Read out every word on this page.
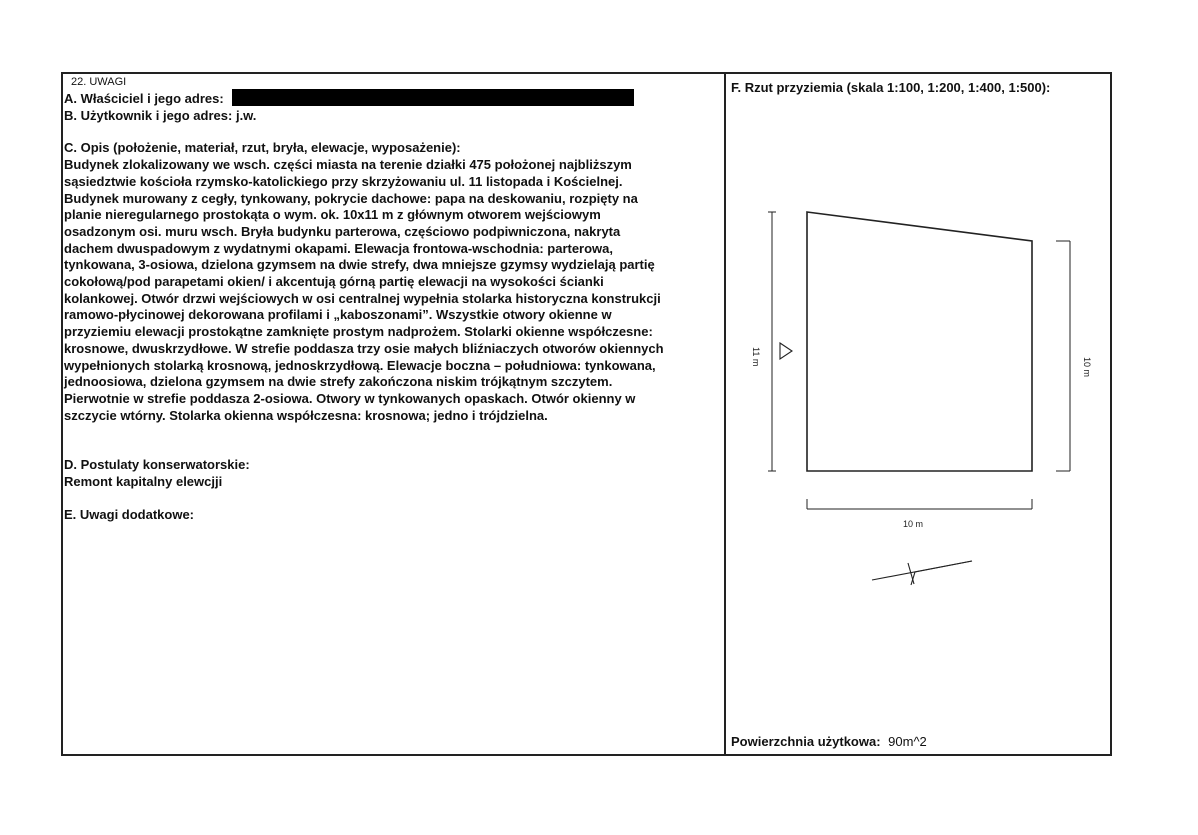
22. UWAGI
A. Właściciel i jego adres:
B. Użytkownik i jego adres: j.w.
C. Opis (położenie, materiał, rzut, bryła, elewacje, wyposażenie):
Budynek zlokalizowany we wsch. części miasta na terenie działki 475 położonej najbliższym
sąsiedztwie kościoła rzymsko-katolickiego przy skrzyżowaniu ul. 11 listopada i Kościelnej.
Budynek murowany z cegły, tynkowany, pokrycie dachowe: papa na deskowaniu, rozpięty na
planie nieregularnego prostokąta o wym. ok. 10x11 m z głównym otworem wejściowym
osadzonym osi. muru wsch. Bryła budynku parterowa, częściowo podpiwniczona, nakryta
dachem dwuspadowym z wydatnymi okapami. Elewacja frontowa-wschodnia: parterowa,
tynkowana, 3-osiowa, dzielona gzymsem na dwie strefy, dwa mniejsze gzymsy wydzielają partię
cokołową/pod parapetami okien/ i akcentują górną partię elewacji na wysokości ścianki
kolankowej. Otwór drzwi wejściowych w osi centralnej wypełnia stolarka historyczna konstrukcji
ramowo-płycinowej dekorowana profilami i „kaboszonami”. Wszystkie otwory okienne w
przyziemiu elewacji prostokątne zamknięte prostym nadprożem. Stolarki okienne współczesne:
krosnowe, dwuskrzydłowe. W strefie poddasza trzy osie małych bliźniaczych otworów okiennych
wypełnionych stolarką krosnową, jednoskrzydłową. Elewacje boczna – południowa: tynkowana,
jednoosiowa, dzielona gzymsem na dwie strefy zakończona niskim trójkątnym szczytem.
Pierwotnie w strefie poddasza 2-osiowa. Otwory w tynkowanych opaskach. Otwór okienny w
szczycie wtórny. Stolarka okienna współczesna: krosnowa; jedno i trójdzielna.
D. Postulaty konserwatorskie:
Remont kapitalny elewcjji
E. Uwagi dodatkowe:
F. Rzut przyziemia (skala 1:100, 1:200, 1:400, 1:500):
11 m
10 m
10 m
Powierzchnia użytkowa: 90m^2
